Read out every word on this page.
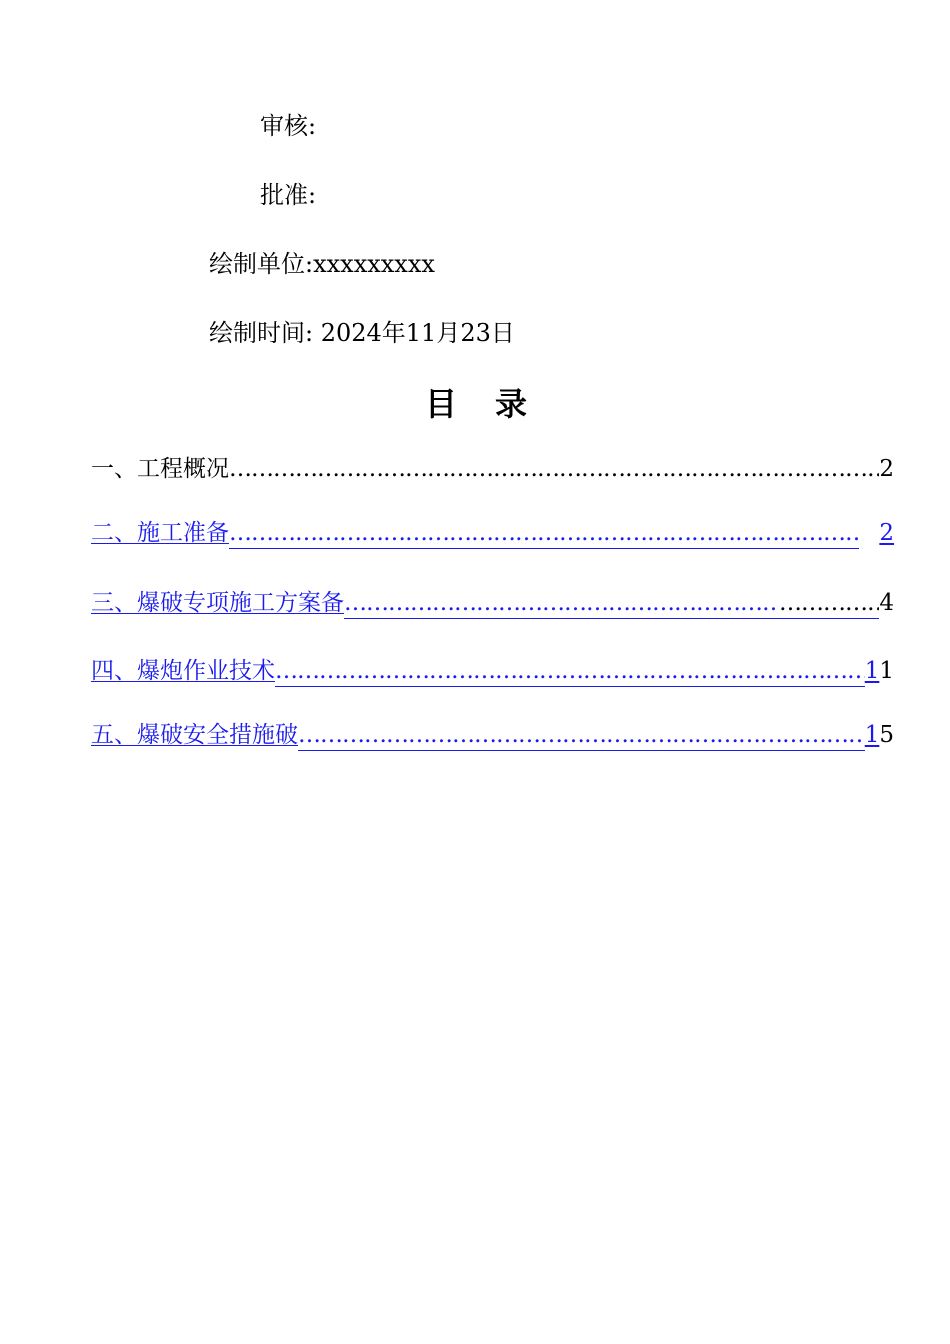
审核:
批准:
绘制单位:xxxxxxxxx
绘制时间: 2024年11月23日
目录
一、工程概况 …………………………………………………………………………………………………………………………	2
二、施工准备 …………………………………………………………………………………………………………………………	2
三、爆破专项施工方案备 ………………………………………………………………………………………………………………………… …………………………………………………………………………………………………………………………	4
四、爆炮作业技术 …………………………………………………………………………………………………………………………	11
五、爆破安全措施破 …………………………………………………………………………………………………………………………	15
